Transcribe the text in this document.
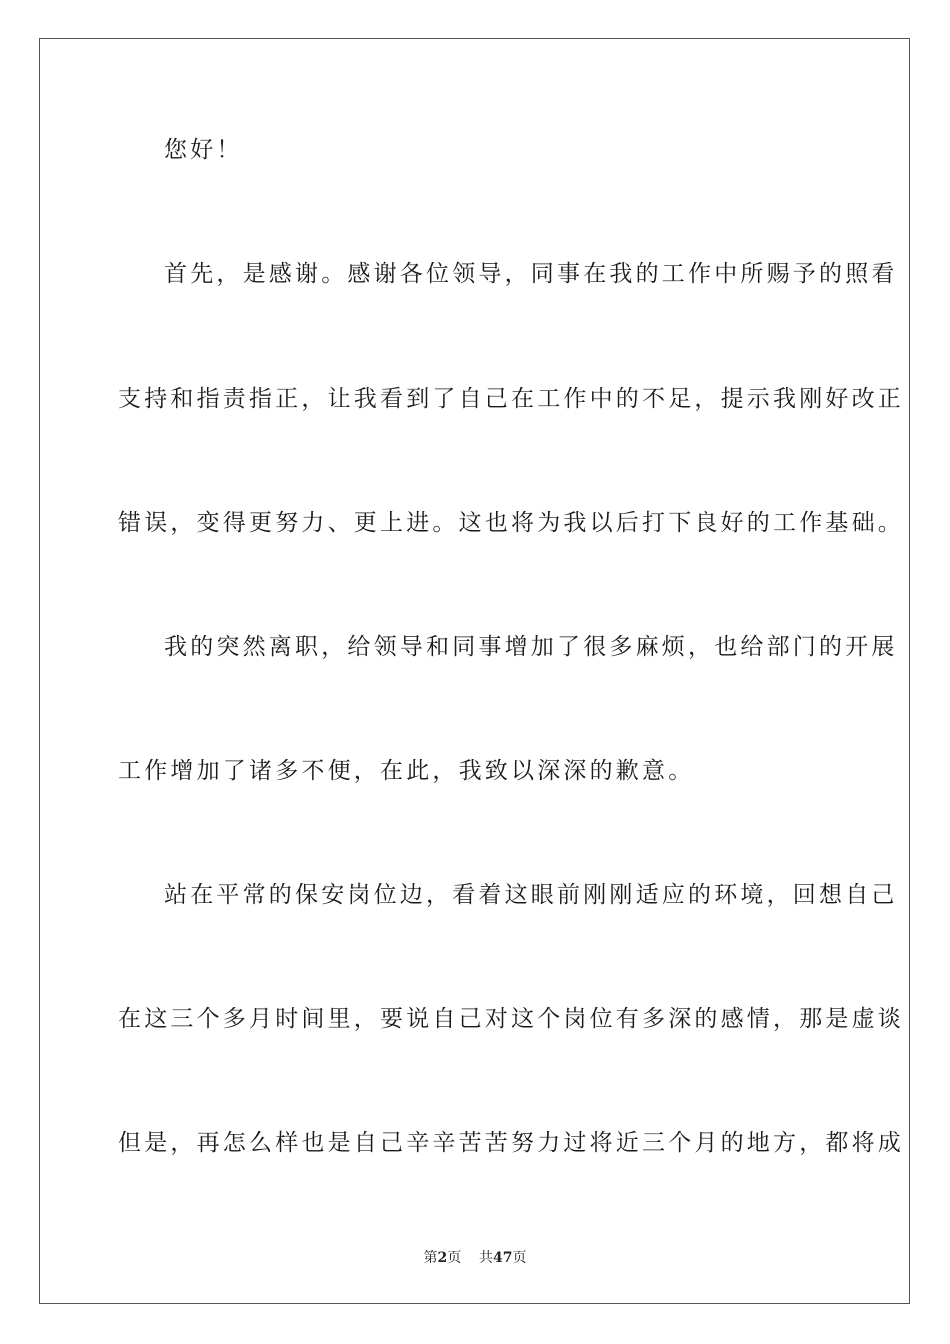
您好！
首先，是感谢。感谢各位领导，同事在我的工作中所赐予的照看
支持和指责指正，让我看到了自己在工作中的不足，提示我刚好改正
错误，变得更努力、更上进。这也将为我以后打下良好的工作基础。
我的突然离职，给领导和同事增加了很多麻烦，也给部门的开展
工作增加了诸多不便，在此，我致以深深的歉意。
站在平常的保安岗位边，看着这眼前刚刚适应的环境，回想自己
在这三个多月时间里，要说自己对这个岗位有多深的感情，那是虚谈
但是，再怎么样也是自己辛辛苦苦努力过将近三个月的地方，都将成
第2页 共47页
